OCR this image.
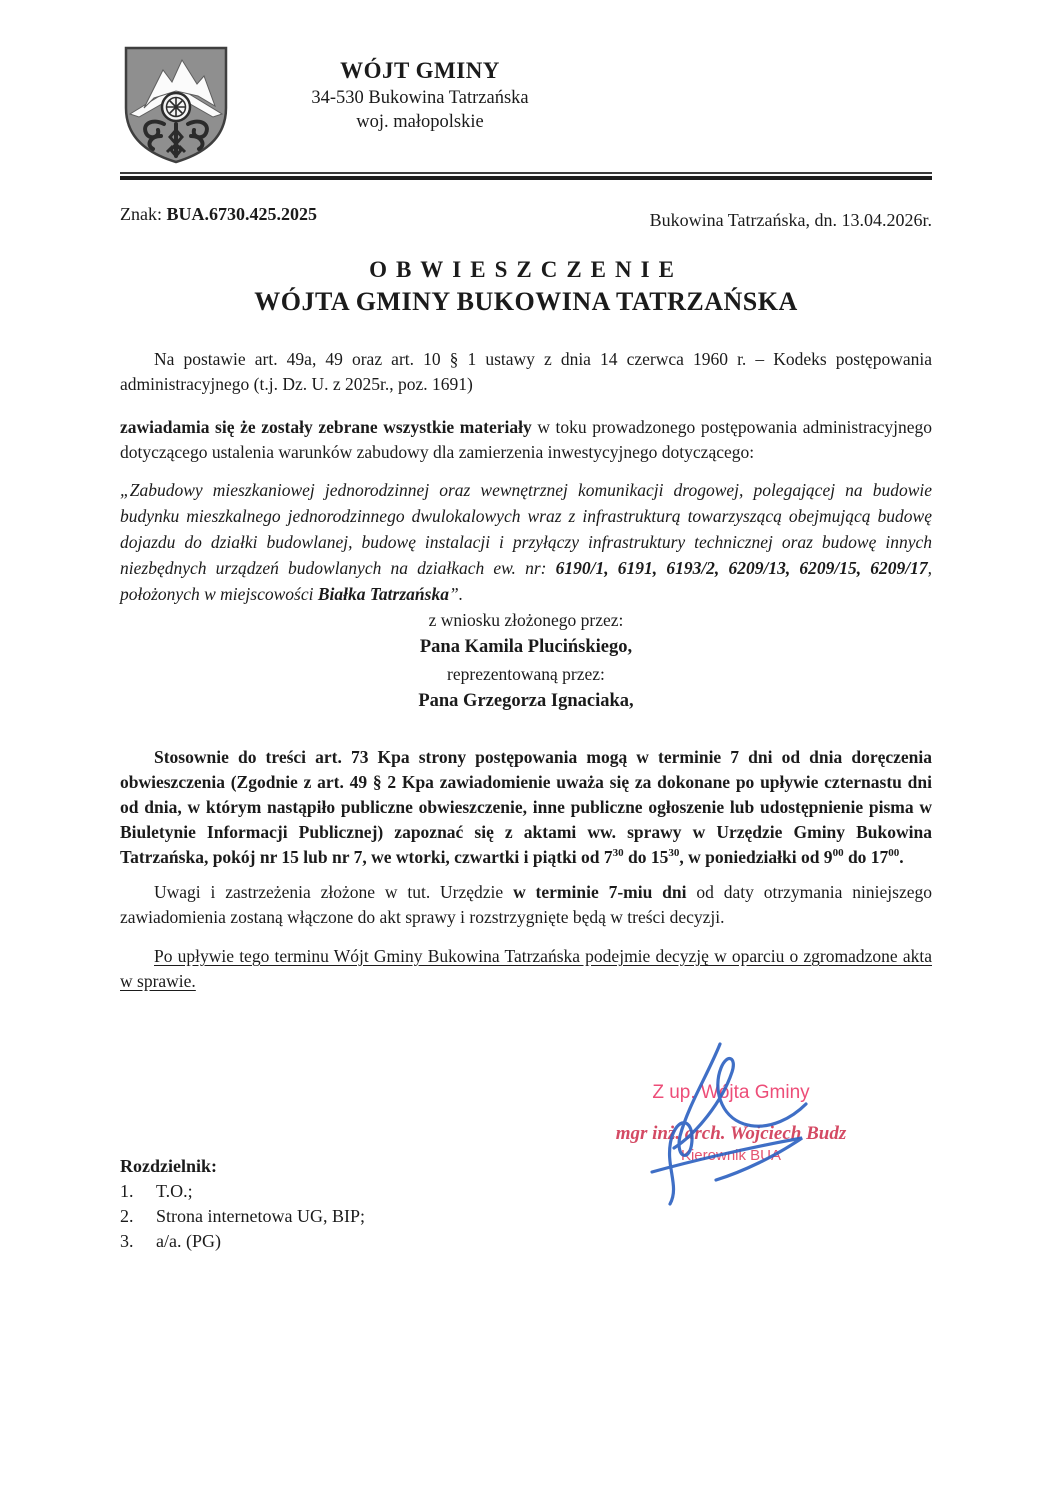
WÓJT GMINY
34-530 Bukowina Tatrzańska
woj. małopolskie
Znak: BUA.6730.425.2025	Bukowina Tatrzańska, dn. 13.04.2026r.
OBWIESZCZENIE
WÓJTA GMINY BUKOWINA TATRZAŃSKA

Na postawie art. 49a, 49 oraz art. 10 § 1 ustawy z dnia 14 czerwca 1960 r. – Kodeks postępowania administracyjnego (t.j. Dz. U. z 2025r., poz. 1691)

zawiadamia się że zostały zebrane wszystkie materiały w toku prowadzonego postępowania administracyjnego dotyczącego ustalenia warunków zabudowy dla zamierzenia inwestycyjnego dotyczącego:

„Zabudowy mieszkaniowej jednorodzinnej oraz wewnętrznej komunikacji drogowej, polegającej na budowie budynku mieszkalnego jednorodzinnego dwulokalowych wraz z infrastrukturą towarzyszącą obejmującą budowę dojazdu do działki budowlanej, budowę instalacji i przyłączy infrastruktury technicznej oraz budowę innych niezbędnych urządzeń budowlanych na działkach ew. nr: 6190/1, 6191, 6193/2, 6209/13, 6209/15, 6209/17, położonych w miejscowości Białka Tatrzańska”.

z wniosku złożonego przez:
Pana Kamila Plucińskiego,
reprezentowaną przez:
Pana Grzegorza Ignaciaka,

Stosownie do treści art. 73 Kpa strony postępowania mogą w terminie 7 dni od dnia doręczenia obwieszczenia (Zgodnie z art. 49 § 2 Kpa zawiadomienie uważa się za dokonane po upływie czternastu dni od dnia, w którym nastąpiło publiczne obwieszczenie, inne publiczne ogłoszenie lub udostępnienie pisma w Biuletynie Informacji Publicznej) zapoznać się z aktami ww. sprawy w Urzędzie Gminy Bukowina Tatrzańska, pokój nr 15 lub nr 7, we wtorki, czwartki i piątki od $7^{30}$ do $15^{30}$, w poniedziałki od $9^{00}$ do $17^{00}$.

Uwagi i zastrzeżenia złożone w tut. Urzędzie w terminie 7-miu dni od daty otrzymania niniejszego zawiadomienia zostaną włączone do akt sprawy i rozstrzygnięte będą w treści decyzji.

Po upływie tego terminu Wójt Gminy Bukowina Tatrzańska podejmie decyzję w oparciu o zgromadzone akta w sprawie.

Rozdzielnik:
1.	T.O.;
2.	Strona internetowa UG, BIP;
3.	a/a. (PG)
Z up. Wójta Gminy
mgr inż. arch. Wojciech Budz
Kierownik BUA
